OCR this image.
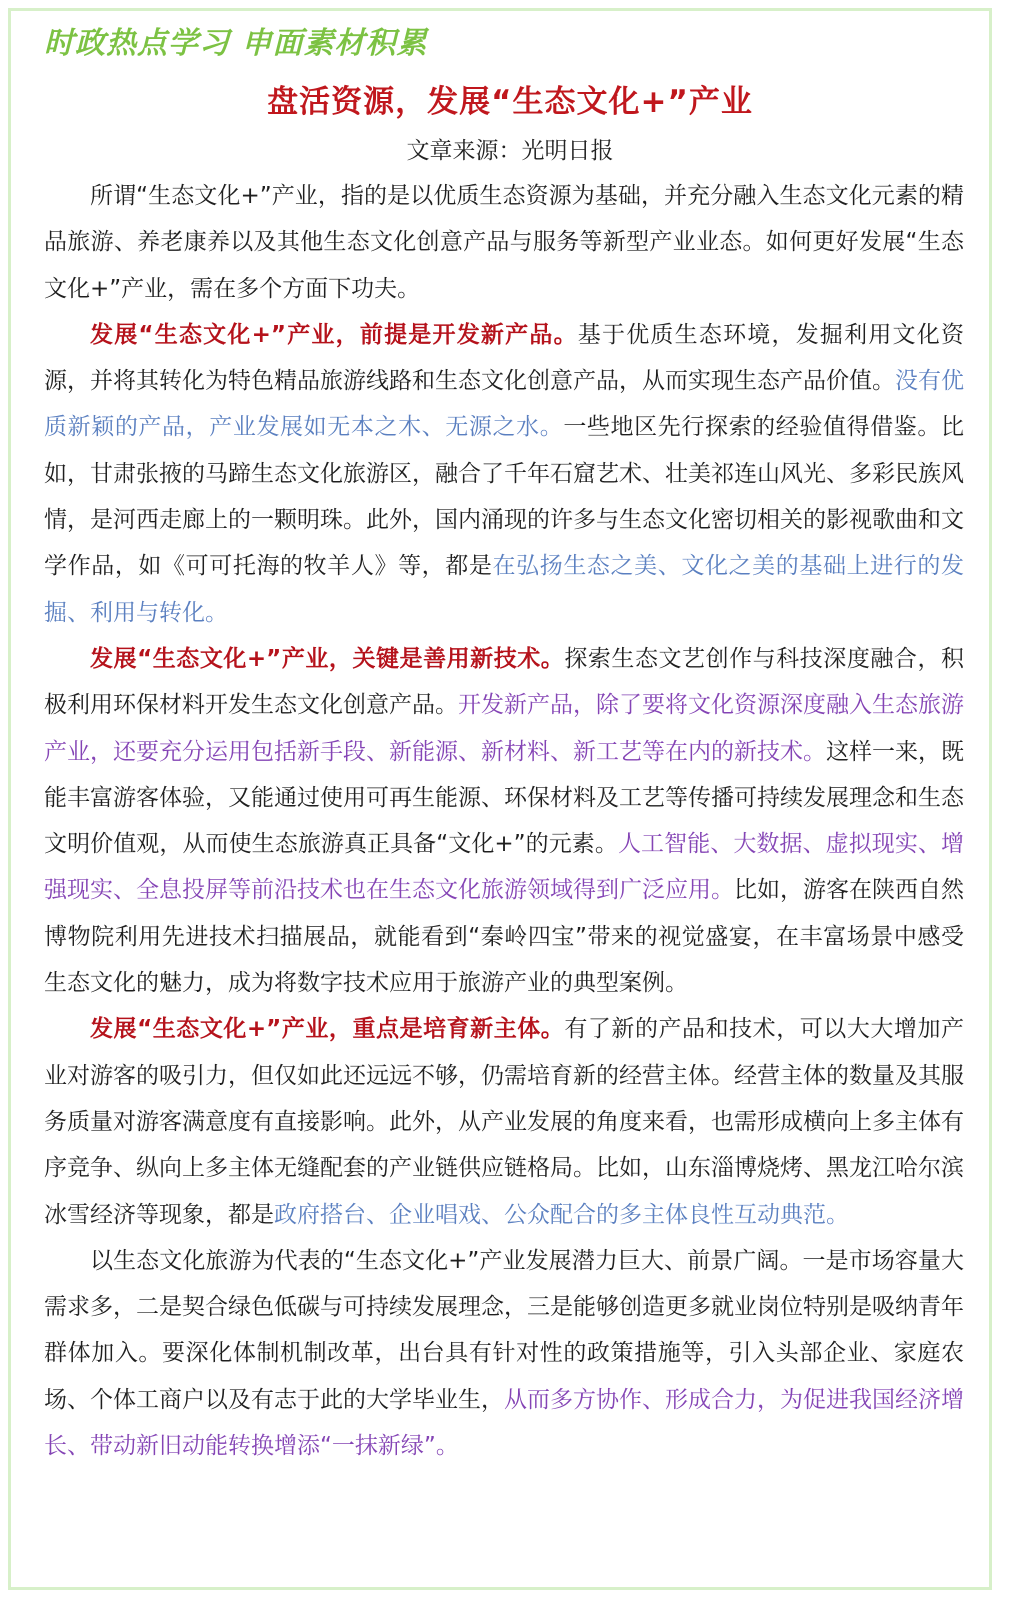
时政热点学习 申面素材积累
盘活资源，发展“生态文化+”产业
文章来源：光明日报

所谓“生态文化+”产业，指的是以优质生态资源为基础，并充分融入生态文化元素的精品旅游、养老康养以及其他生态文化创意产品与服务等新型产业业态。如何更好发展“生态文化+”产业，需在多个方面下功夫。

发展“生态文化+”产业，前提是开发新产品。基于优质生态环境，发掘利用文化资源，并将其转化为特色精品旅游线路和生态文化创意产品，从而实现生态产品价值。没有优质新颖的产品，产业发展如无本之木、无源之水。一些地区先行探索的经验值得借鉴。比如，甘肃张掖的马蹄生态文化旅游区，融合了千年石窟艺术、壮美祁连山风光、多彩民族风情，是河西走廊上的一颗明珠。此外，国内涌现的许多与生态文化密切相关的影视歌曲和文学作品，如《可可托海的牧羊人》等，都是在弘扬生态之美、文化之美的基础上进行的发掘、利用与转化。

发展“生态文化+”产业，关键是善用新技术。探索生态文艺创作与科技深度融合，积极利用环保材料开发生态文化创意产品。开发新产品，除了要将文化资源深度融入生态旅游产业，还要充分运用包括新手段、新能源、新材料、新工艺等在内的新技术。这样一来，既能丰富游客体验，又能通过使用可再生能源、环保材料及工艺等传播可持续发展理念和生态文明价值观，从而使生态旅游真正具备“文化+”的元素。人工智能、大数据、虚拟现实、增强现实、全息投屏等前沿技术也在生态文化旅游领域得到广泛应用。比如，游客在陕西自然博物院利用先进技术扫描展品，就能看到“秦岭四宝”带来的视觉盛宴，在丰富场景中感受生态文化的魅力，成为将数字技术应用于旅游产业的典型案例。

发展“生态文化+”产业，重点是培育新主体。有了新的产品和技术，可以大大增加产业对游客的吸引力，但仅如此还远远不够，仍需培育新的经营主体。经营主体的数量及其服务质量对游客满意度有直接影响。此外，从产业发展的角度来看，也需形成横向上多主体有序竞争、纵向上多主体无缝配套的产业链供应链格局。比如，山东淄博烧烤、黑龙江哈尔滨冰雪经济等现象，都是政府搭台、企业唱戏、公众配合的多主体良性互动典范。

以生态文化旅游为代表的“生态文化+”产业发展潜力巨大、前景广阔。一是市场容量大需求多，二是契合绿色低碳与可持续发展理念，三是能够创造更多就业岗位特别是吸纳青年群体加入。要深化体制机制改革，出台具有针对性的政策措施等，引入头部企业、家庭农场、个体工商户以及有志于此的大学毕业生，从而多方协作、形成合力，为促进我国经济增长、带动新旧动能转换增添“一抹新绿”。
